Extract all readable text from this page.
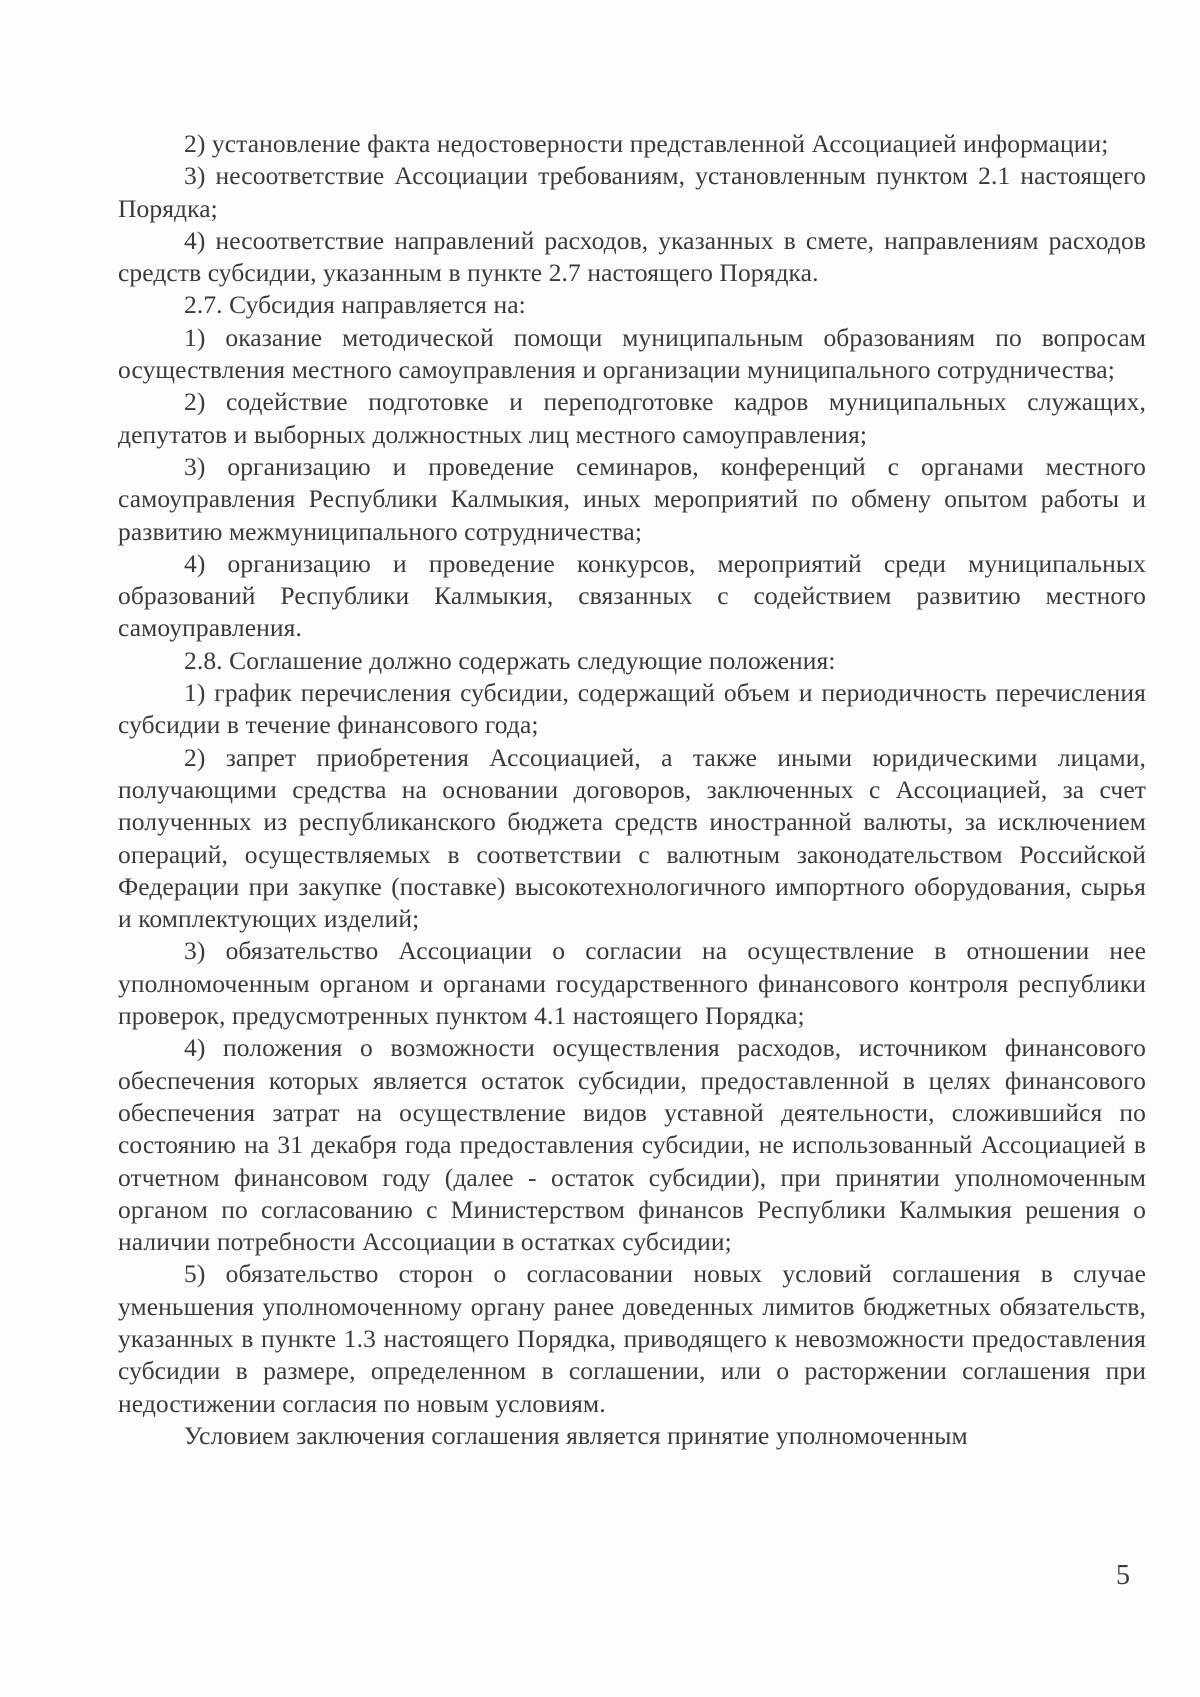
2) установление факта недостоверности представленной Ассоциацией информации;

3) несоответствие Ассоциации требованиям, установленным пунктом 2.1 настоящего Порядка;

4) несоответствие направлений расходов, указанных в смете, направлениям расходов средств субсидии, указанным в пункте 2.7 настоящего Порядка.

2.7. Субсидия направляется на:

1) оказание методической помощи муниципальным образованиям по вопросам осуществления местного самоуправления и организации муниципального сотрудничества;

2) содействие подготовке и переподготовке кадров муниципальных служащих, депутатов и выборных должностных лиц местного самоуправления;

3) организацию и проведение семинаров, конференций с органами местного самоуправления Республики Калмыкия, иных мероприятий по обмену опытом работы и развитию межмуниципального сотрудничества;

4) организацию и проведение конкурсов, мероприятий среди муниципальных образований Республики Калмыкия, связанных с содействием развитию местного самоуправления.

2.8. Соглашение должно содержать следующие положения:

1) график перечисления субсидии, содержащий объем и периодичность перечисления субсидии в течение финансового года;

2) запрет приобретения Ассоциацией, а также иными юридическими лицами, получающими средства на основании договоров, заключенных с Ассоциацией, за счет полученных из республиканского бюджета средств иностранной валюты, за исключением операций, осуществляемых в соответствии с валютным законодательством Российской Федерации при закупке (поставке) высокотехнологичного импортного оборудования, сырья и комплектующих изделий;

3) обязательство Ассоциации о согласии на осуществление в отношении нее уполномоченным органом и органами государственного финансового контроля республики проверок, предусмотренных пунктом 4.1 настоящего Порядка;

4) положения о возможности осуществления расходов, источником финансового обеспечения которых является остаток субсидии, предоставленной в целях финансового обеспечения затрат на осуществление видов уставной деятельности, сложившийся по состоянию на 31 декабря года предоставления субсидии, не использованный Ассоциацией в отчетном финансовом году (далее - остаток субсидии), при принятии уполномоченным органом по согласованию с Министерством финансов Республики Калмыкия решения о наличии потребности Ассоциации в остатках субсидии;

5) обязательство сторон о согласовании новых условий соглашения в случае уменьшения уполномоченному органу ранее доведенных лимитов бюджетных обязательств, указанных в пункте 1.3 настоящего Порядка, приводящего к невозможности предоставления субсидии в размере, определенном в соглашении, или о расторжении соглашения при недостижении согласия по новым условиям.

Условием заключения соглашения является принятие уполномоченным

5
